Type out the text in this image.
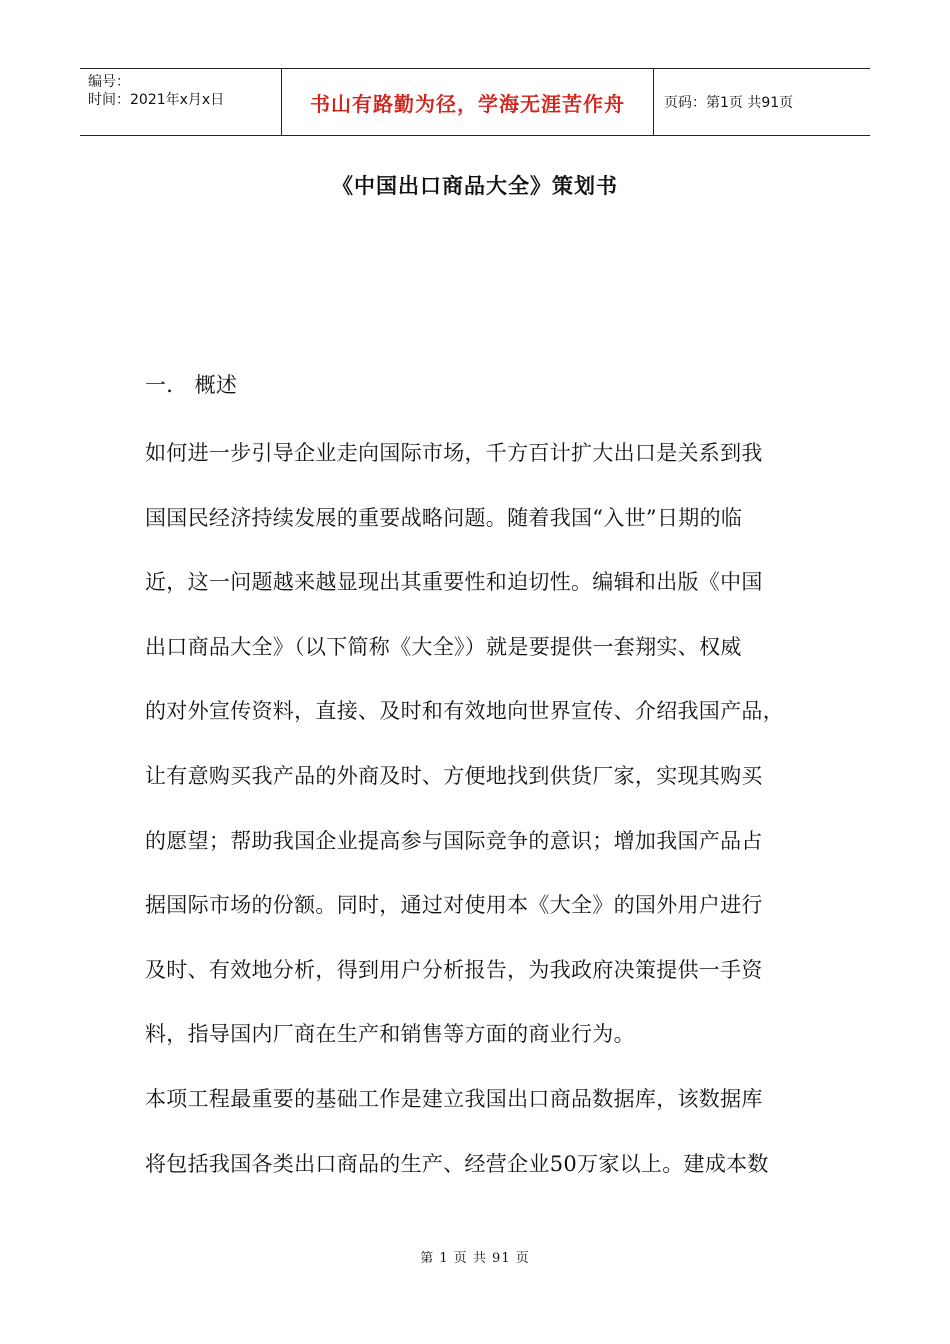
编号：
时间：2021年x月x日	书山有路勤为径，学海无涯苦作舟	页码：第1页 共91页
《中国出口商品大全》策划书
一． 概述
如何进一步引导企业走向国际市场，千方百计扩大出口是关系到我
国国民经济持续发展的重要战略问题。随着我国“入世”日期的临
近，这一问题越来越显现出其重要性和迫切性。编辑和出版《中国
出口商品大全》（以下简称《大全》）就是要提供一套翔实、权威
的对外宣传资料，直接、及时和有效地向世界宣传、介绍我国产品，
让有意购买我产品的外商及时、方便地找到供货厂家，实现其购买
的愿望；帮助我国企业提高参与国际竞争的意识；增加我国产品占
据国际市场的份额。同时，通过对使用本《大全》的国外用户进行
及时、有效地分析，得到用户分析报告，为我政府决策提供一手资
料，指导国内厂商在生产和销售等方面的商业行为。
本项工程最重要的基础工作是建立我国出口商品数据库，该数据库
将包括我国各类出口商品的生产、经营企业50万家以上。建成本数
第 1 页 共 91 页
